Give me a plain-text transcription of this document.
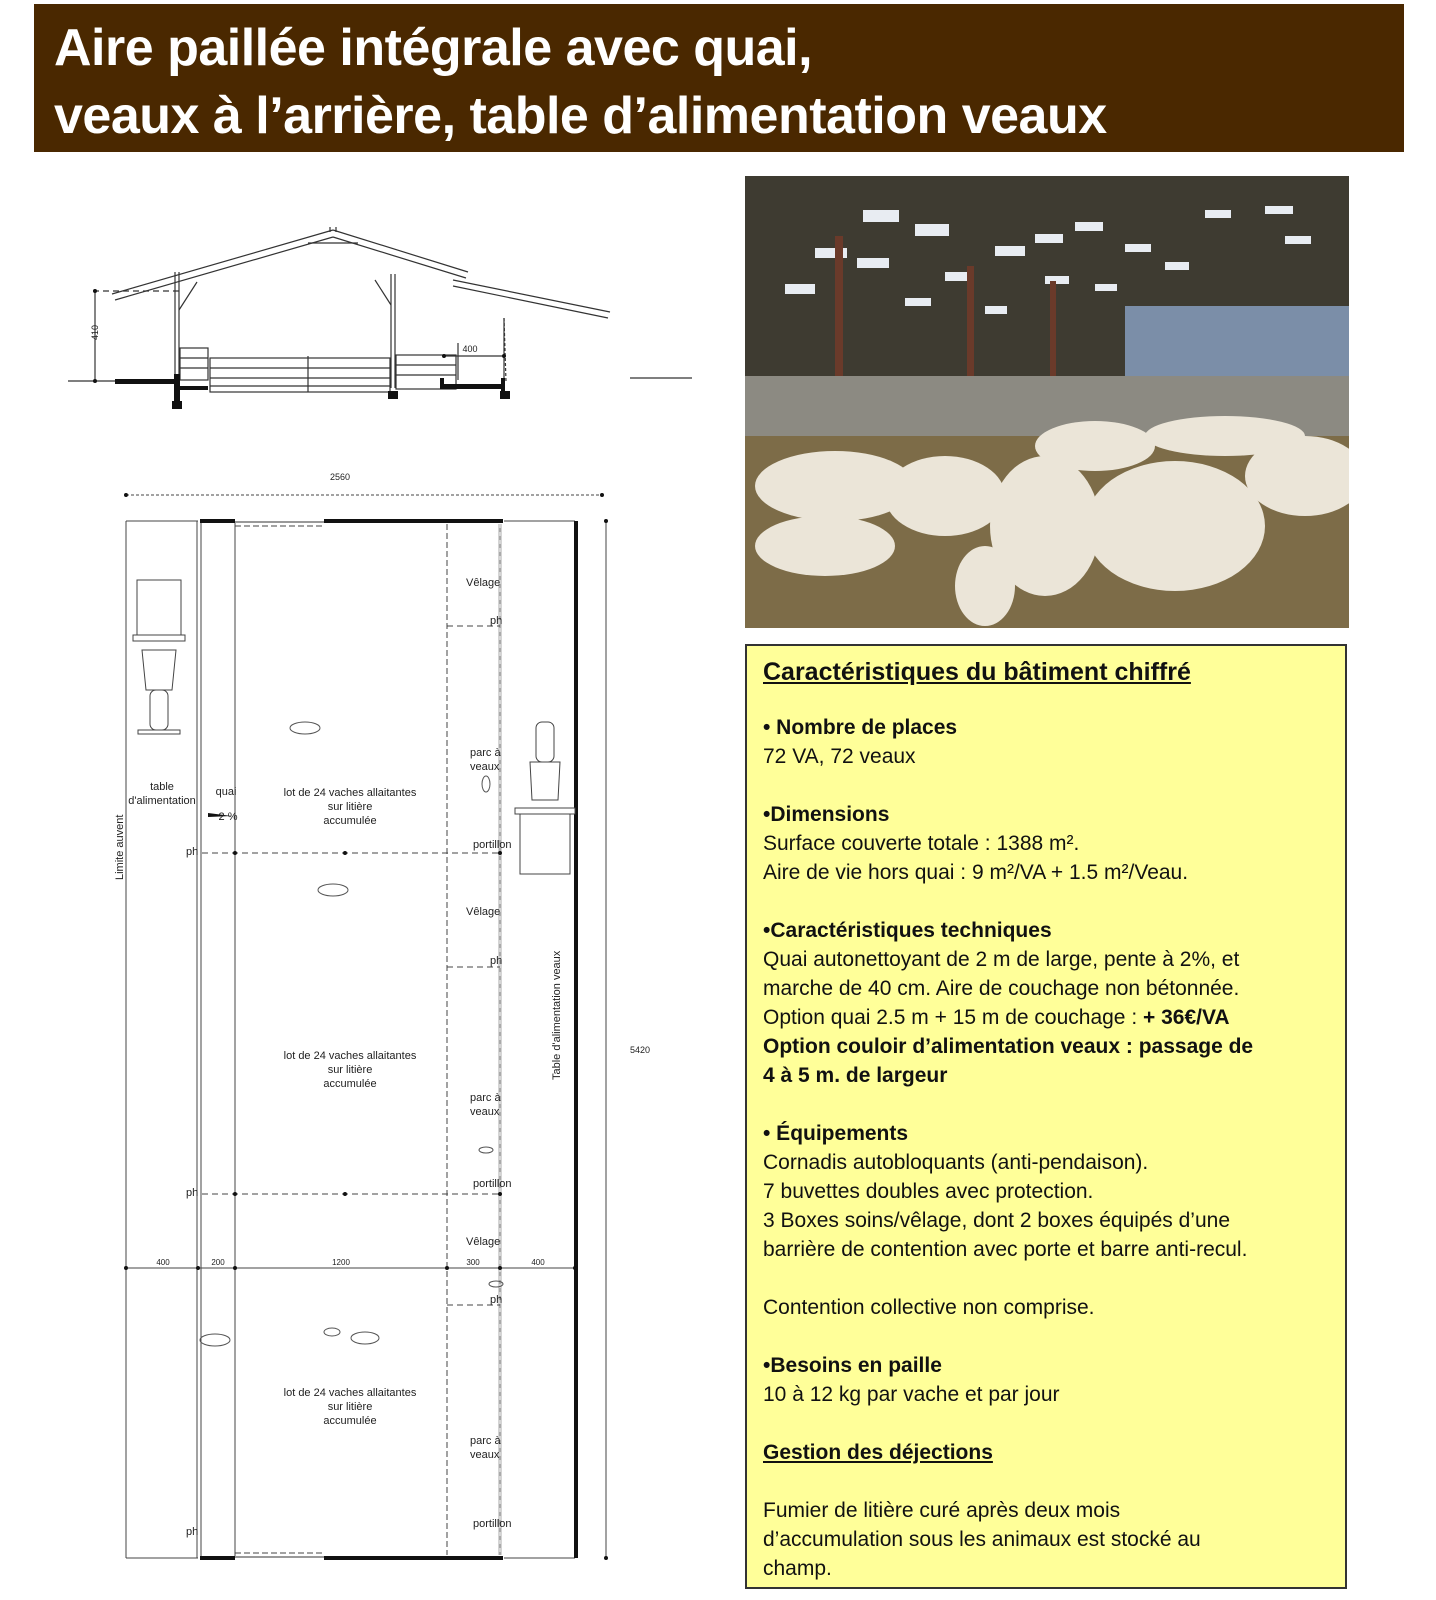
Aire paillée intégrale avec quai,
veaux à l’arrière, table d’alimentation veaux
410
400
Limite auvent
table
d'alimentation
quai
2 %
Table d'alimentation veaux	5420
2560
lot de 24 vaches allaitantes
sur litière
accumulée
lot de 24 vaches allaitantes
sur litière
accumulée
lot de 24 vaches allaitantes
sur litière
accumulée
Vêlage
Vêlage
Vêlage
parc à
veaux
parc à
veaux
parc à
veaux
portillon
portillon
portillon
ph
ph
ph
ph
ph
ph
400	200	1200	300	400
Caractéristiques du bâtiment chiffré
• Nombre de places
72 VA, 72 veaux
•Dimensions
Surface couverte totale : 1388 m².
Aire de vie hors quai : 9 m²/VA + 1.5 m²/Veau.
•Caractéristiques techniques
Quai autonettoyant de 2 m de large, pente à 2%, et
marche de 40 cm. Aire de couchage non bétonnée.
Option quai 2.5 m + 15 m de couchage : + 36€/VA
Option couloir d’alimentation veaux : passage de
4 à 5 m. de largeur
• Équipements
Cornadis autobloquants (anti-pendaison).
7 buvettes doubles avec protection.
3 Boxes soins/vêlage, dont 2 boxes équipés d’une
barrière de contention avec porte et barre anti-recul.
Contention collective non comprise.
•Besoins en paille
10 à 12 kg par vache et par jour
Gestion des déjections
Fumier de litière curé après deux mois
d’accumulation sous les animaux est stocké au
champ.
